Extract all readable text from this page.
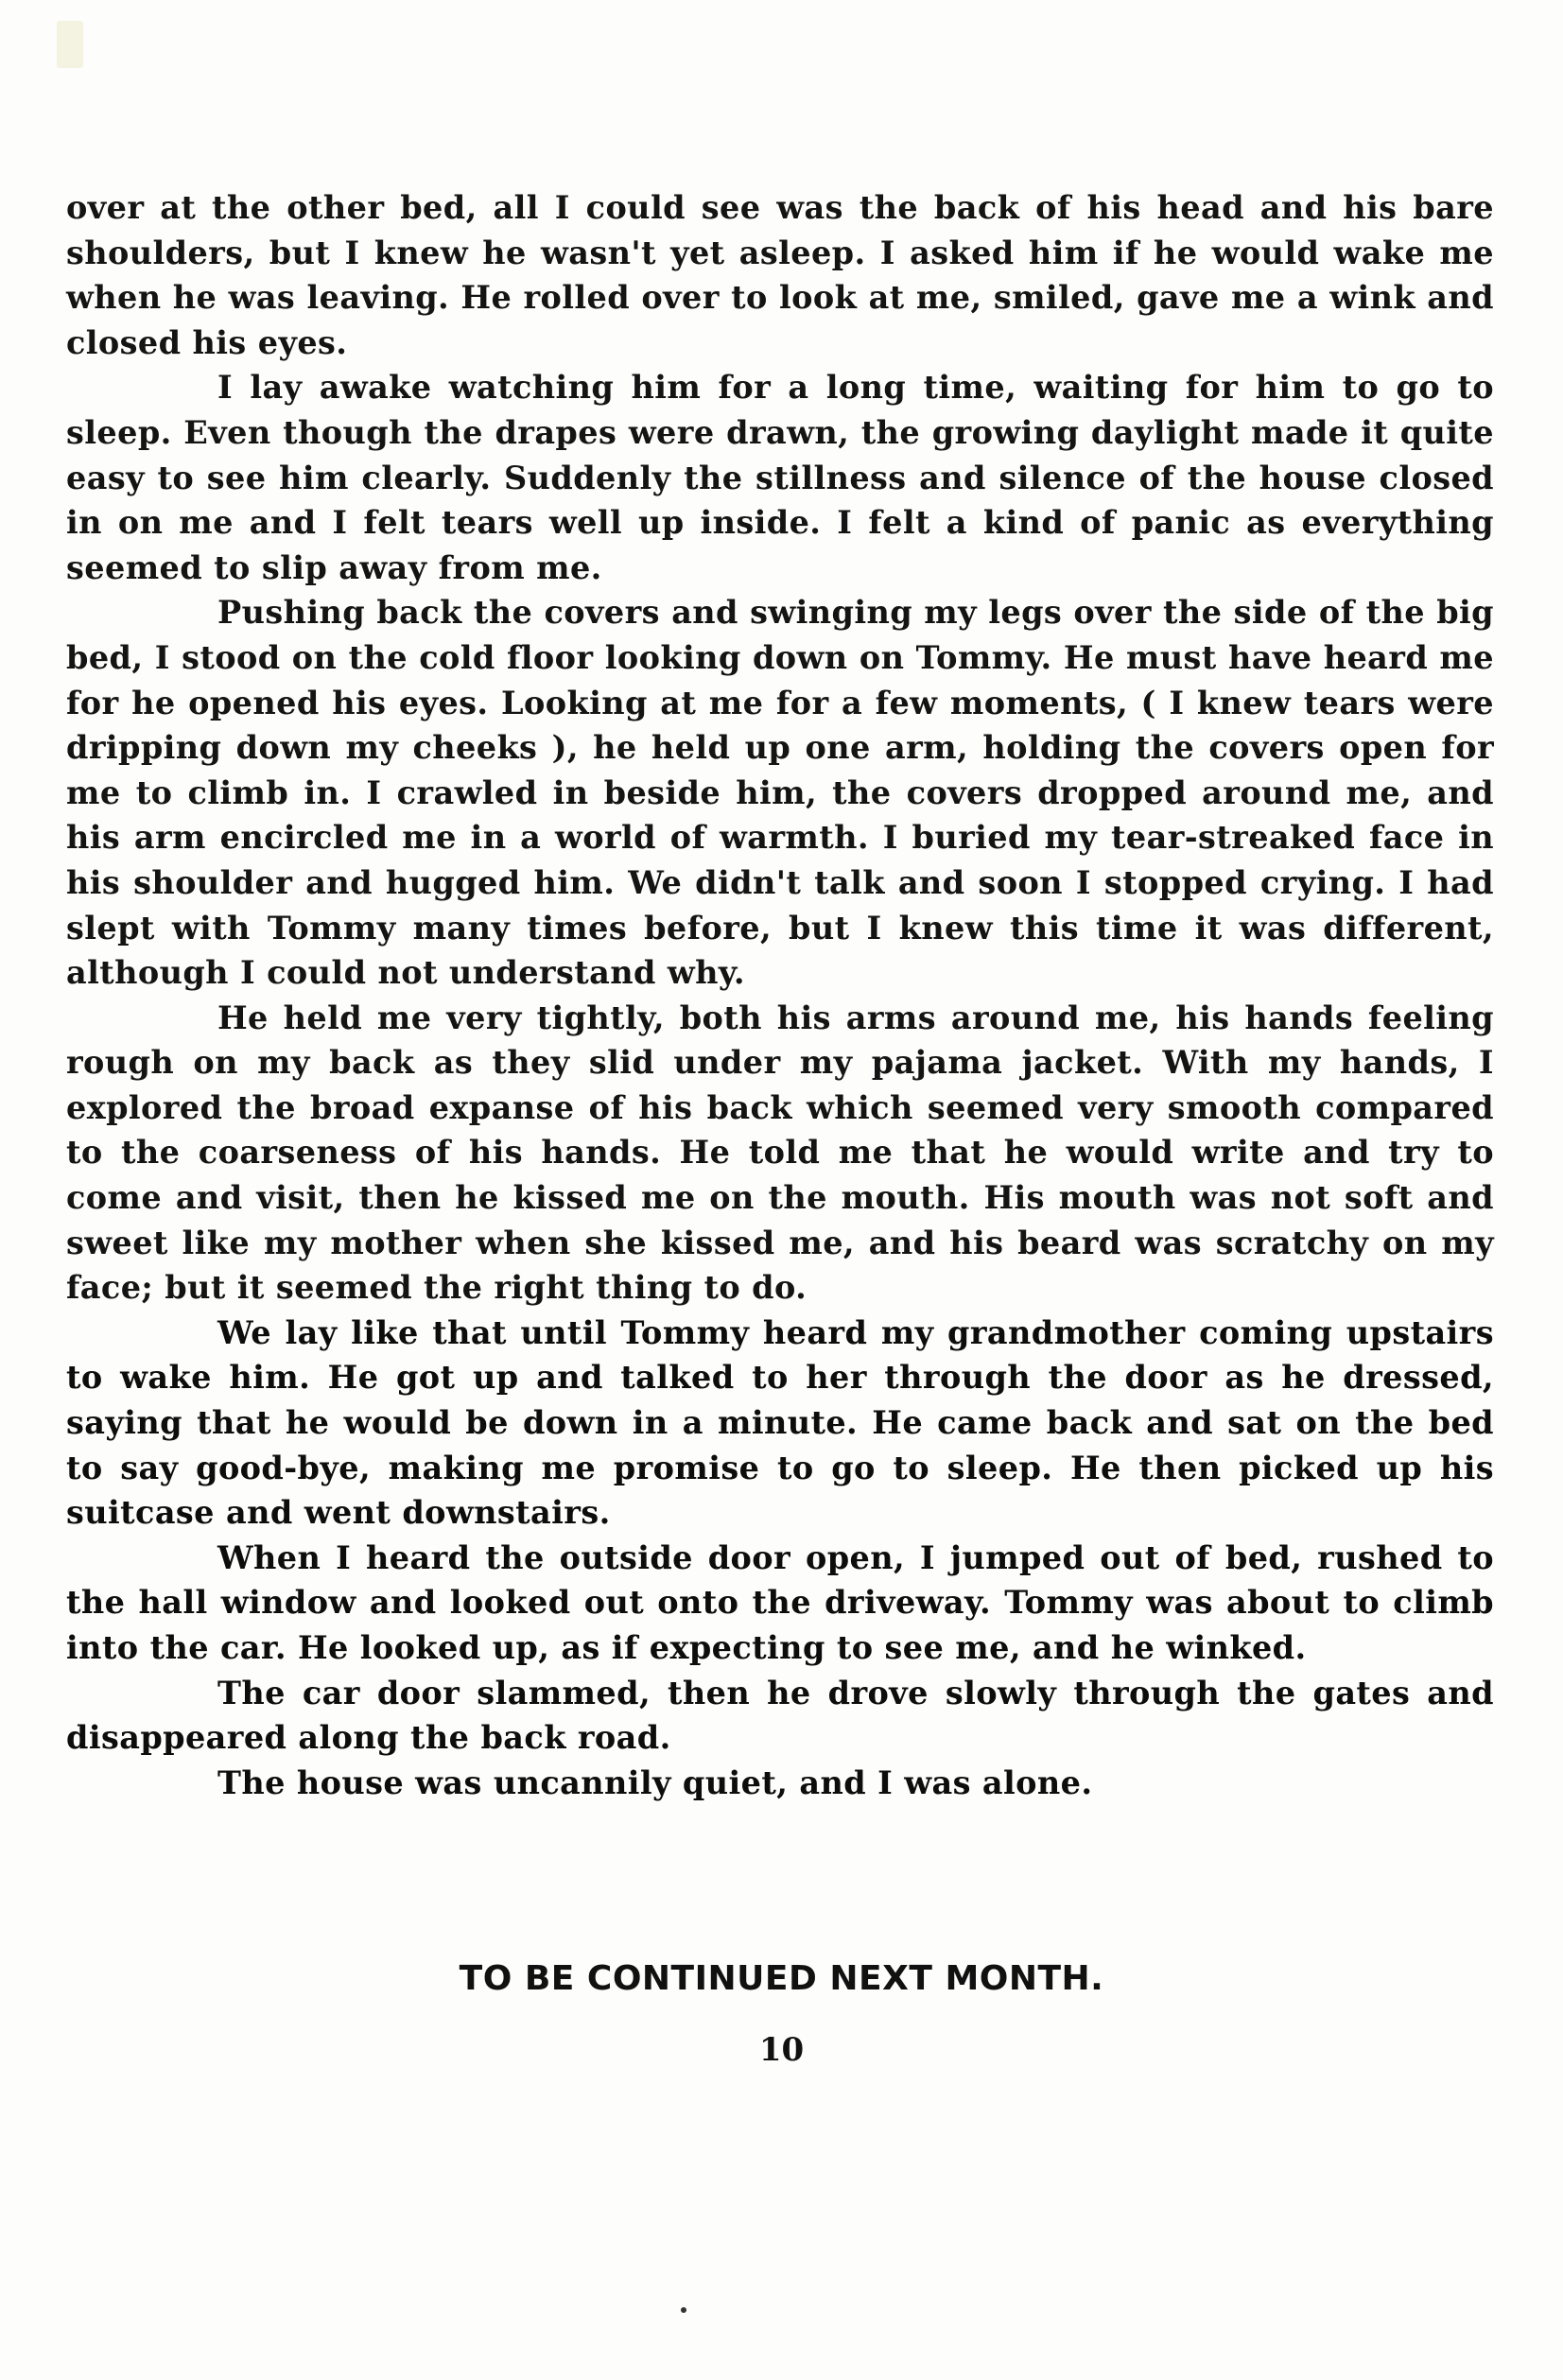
over at the other bed, all I could see was the back of his head and his bare shoulders, but I knew he wasn't yet asleep. I asked him if he would wake me when he was leaving. He rolled over to look at me, smiled, gave me a wink and closed his eyes.

I lay awake watching him for a long time, waiting for him to go to sleep. Even though the drapes were drawn, the growing daylight made it quite easy to see him clearly. Suddenly the stillness and silence of the house closed in on me and I felt tears well up inside. I felt a kind of panic as everything seemed to slip away from me.

Pushing back the covers and swinging my legs over the side of the big bed, I stood on the cold floor looking down on Tommy. He must have heard me for he opened his eyes. Looking at me for a few moments, ( I knew tears were dripping down my cheeks ), he held up one arm, holding the covers open for me to climb in. I crawled in beside him, the covers dropped around me, and his arm encircled me in a world of warmth. I buried my tear-streaked face in his shoulder and hugged him. We didn't talk and soon I stopped crying. I had slept with Tommy many times before, but I knew this time it was different, although I could not understand why.

He held me very tightly, both his arms around me, his hands feeling rough on my back as they slid under my pajama jacket. With my hands, I explored the broad expanse of his back which seemed very smooth compared to the coarseness of his hands. He told me that he would write and try to come and visit, then he kissed me on the mouth. His mouth was not soft and sweet like my mother when she kissed me, and his beard was scratchy on my face; but it seemed the right thing to do.

We lay like that until Tommy heard my grandmother coming upstairs to wake him. He got up and talked to her through the door as he dressed, saying that he would be down in a minute. He came back and sat on the bed to say good-bye, making me promise to go to sleep. He then picked up his suitcase and went downstairs.

When I heard the outside door open, I jumped out of bed, rushed to the hall window and looked out onto the driveway. Tommy was about to climb into the car. He looked up, as if expecting to see me, and he winked.

The car door slammed, then he drove slowly through the gates and disappeared along the back road.

The house was uncannily quiet, and I was alone.

TO BE CONTINUED NEXT MONTH.
10
